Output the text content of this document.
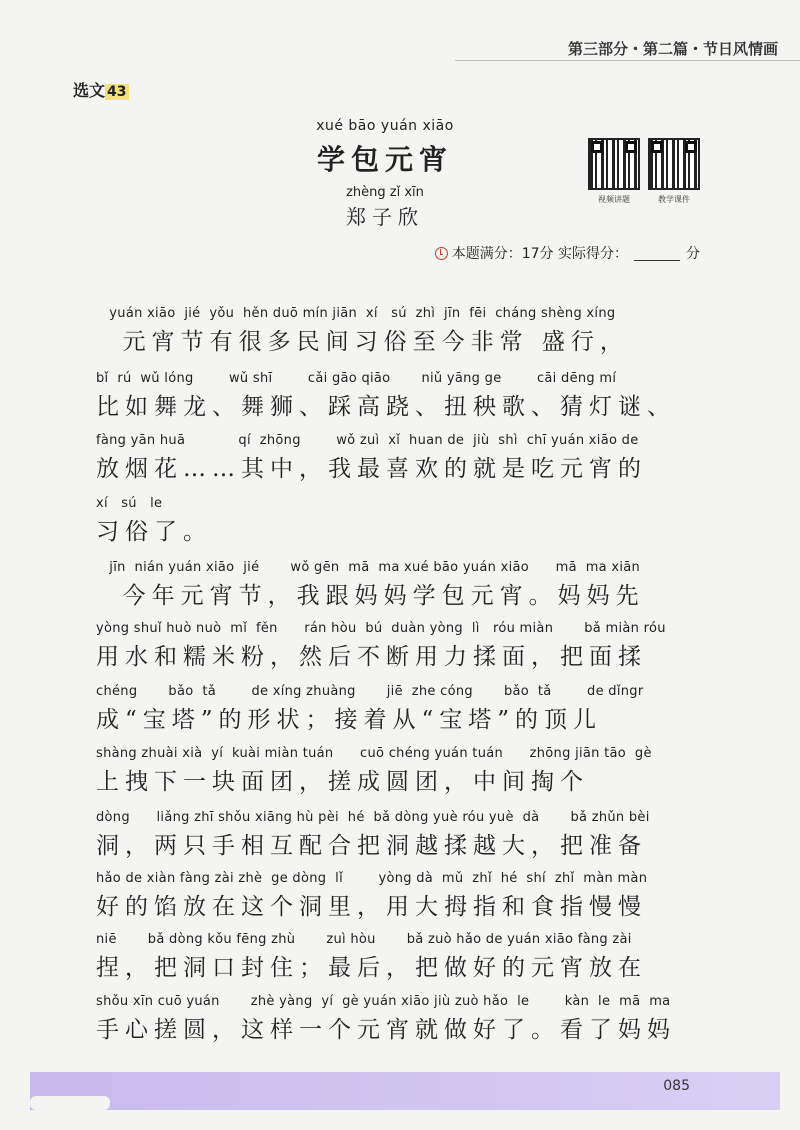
第三部分・第二篇・节日风情画
选文 43
xué bāo yuán xiāo
学包元宵
zhèng zǐ xīn
郑子欣
视频讲题	教学课件
本题满分：17分 实际得分：	分
yuán xiāo  jié  yǒu  hěn duō mín jiān  xí   sú  zhì  jīn  fēi  cháng shèng xíng
元宵节有很多民间习俗至今非常 盛行，
bǐ  rú  wǔ lóng        wǔ shī        cǎi gāo qiāo       niǔ yāng ge        cāi dēng mí
比如舞龙、舞狮、踩高跷、扭秧歌、猜灯谜、
fàng yān huā            qí  zhōng        wǒ zuì  xǐ  huan de  jiù  shì  chī yuán xiāo de
放烟花……其中，我最喜欢的就是吃元宵的
xí   sú   le
习俗了。
jīn  nián yuán xiāo  jié       wǒ gēn  mā  ma xué bāo yuán xiāo      mā  ma xiān
今年元宵节，我跟妈妈学包元宵。妈妈先
yòng shuǐ huò nuò  mǐ  fěn      rán hòu  bú  duàn yòng  lì   róu miàn       bǎ miàn róu
用水和糯米粉，然后不断用力揉面，把面揉
chéng       bǎo  tǎ        de xíng zhuàng       jiē  zhe cóng       bǎo  tǎ        de dǐngr
成“宝塔”的形状；接着从“宝塔”的顶儿
shàng zhuài xià  yí  kuài miàn tuán      cuō chéng yuán tuán      zhōng jiān tāo  gè
上拽下一块面团，搓成圆团，中间掏个
dòng      liǎng zhī shǒu xiāng hù pèi  hé  bǎ dòng yuè róu yuè  dà       bǎ zhǔn bèi
洞，两只手相互配合把洞越揉越大，把准备
hǎo de xiàn fàng zài zhè  ge dòng  lǐ        yòng dà  mǔ  zhǐ  hé  shí  zhǐ  màn màn
好的馅放在这个洞里，用大拇指和食指慢慢
niē       bǎ dòng kǒu fēng zhù       zuì hòu       bǎ zuò hǎo de yuán xiāo fàng zài
捏，把洞口封住；最后，把做好的元宵放在
shǒu xīn cuō yuán       zhè yàng  yí  gè yuán xiāo jiù zuò hǎo  le        kàn  le  mā  ma
手心搓圆，这样一个元宵就做好了。看了妈妈
085
